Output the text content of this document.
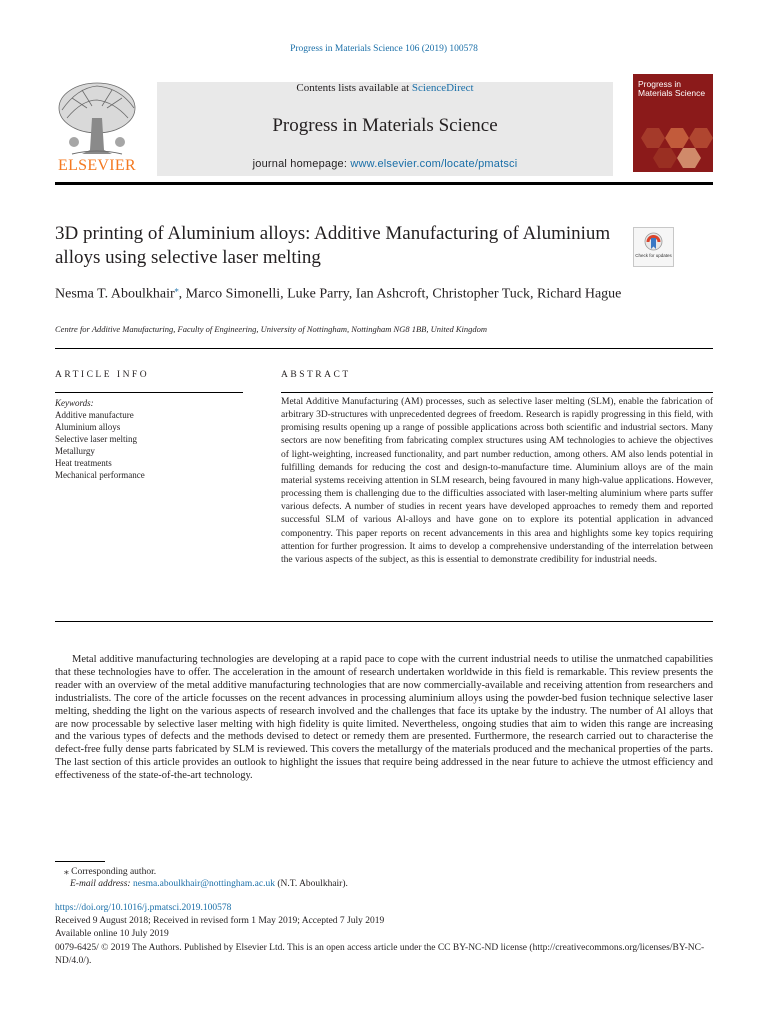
Progress in Materials Science 106 (2019) 100578
ELSEVIER
Contents lists available at ScienceDirect
Progress in Materials Science
journal homepage: www.elsevier.com/locate/pmatsci
Progress in Materials Science
3D printing of Aluminium alloys: Additive Manufacturing of Aluminium alloys using selective laser melting	Check for updates
Nesma T. Aboulkhair⁎, Marco Simonelli, Luke Parry, Ian Ashcroft, Christopher Tuck, Richard Hague
Centre for Additive Manufacturing, Faculty of Engineering, University of Nottingham, Nottingham NG8 1BB, United Kingdom
ARTICLE INFO
Keywords:
Additive manufacture
Aluminium alloys
Selective laser melting
Metallurgy
Heat treatments
Mechanical performance
ABSTRACT
Metal Additive Manufacturing (AM) processes, such as selective laser melting (SLM), enable the fabrication of arbitrary 3D-structures with unprecedented degrees of freedom. Research is rapidly progressing in this field, with promising results opening up a range of possible applications across both scientific and industrial sectors. Many sectors are now benefiting from fabricating complex structures using AM technologies to achieve the objectives of light-weighting, increased functionality, and part number reduction, among others. AM also lends potential in fulfilling demands for reducing the cost and design-to-manufacture time. Aluminium alloys are of the main material systems receiving attention in SLM research, being favoured in many high-value applications. However, processing them is challenging due to the difficulties associated with laser-melting aluminium where parts suffer various defects. A number of studies in recent years have developed approaches to remedy them and reported successful SLM of various Al-alloys and have gone on to explore its potential application in advanced componentry. This paper reports on recent advancements in this area and highlights some key topics requiring attention for further progression. It aims to develop a comprehensive understanding of the interrelation between the various aspects of the subject, as this is essential to demonstrate credibility for industrial needs.
Metal additive manufacturing technologies are developing at a rapid pace to cope with the current industrial needs to utilise the unmatched capabilities that these technologies have to offer. The acceleration in the amount of research undertaken worldwide in this field is remarkable. This review presents the reader with an overview of the metal additive manufacturing technologies that are now commercially-available and receiving attention from researchers and industrialists. The core of the article focusses on the recent advances in processing aluminium alloys using the powder-bed fusion technique selective laser melting, shedding the light on the various aspects of research involved and the challenges that face its uptake by the industry. The number of Al alloys that are now processable by selective laser melting with high fidelity is quite limited. Nevertheless, ongoing studies that aim to widen this range are increasing and the various types of defects and the methods devised to detect or remedy them are presented. Furthermore, the research carried out to characterise the defect-free fully dense parts fabricated by SLM is reviewed. This covers the metallurgy of the materials produced and the mechanical properties of the parts. The last section of this article provides an outlook to highlight the issues that require being addressed in the near future to achieve the utmost efficiency and effectiveness of the state-of-the-art technology.
⁎ Corresponding author.
E-mail address: nesma.aboulkhair@nottingham.ac.uk (N.T. Aboulkhair).
https://doi.org/10.1016/j.pmatsci.2019.100578
Received 9 August 2018; Received in revised form 1 May 2019; Accepted 7 July 2019
Available online 10 July 2019
0079-6425/ © 2019 The Authors. Published by Elsevier Ltd. This is an open access article under the CC BY-NC-ND license (http://creativecommons.org/licenses/BY-NC-ND/4.0/).
